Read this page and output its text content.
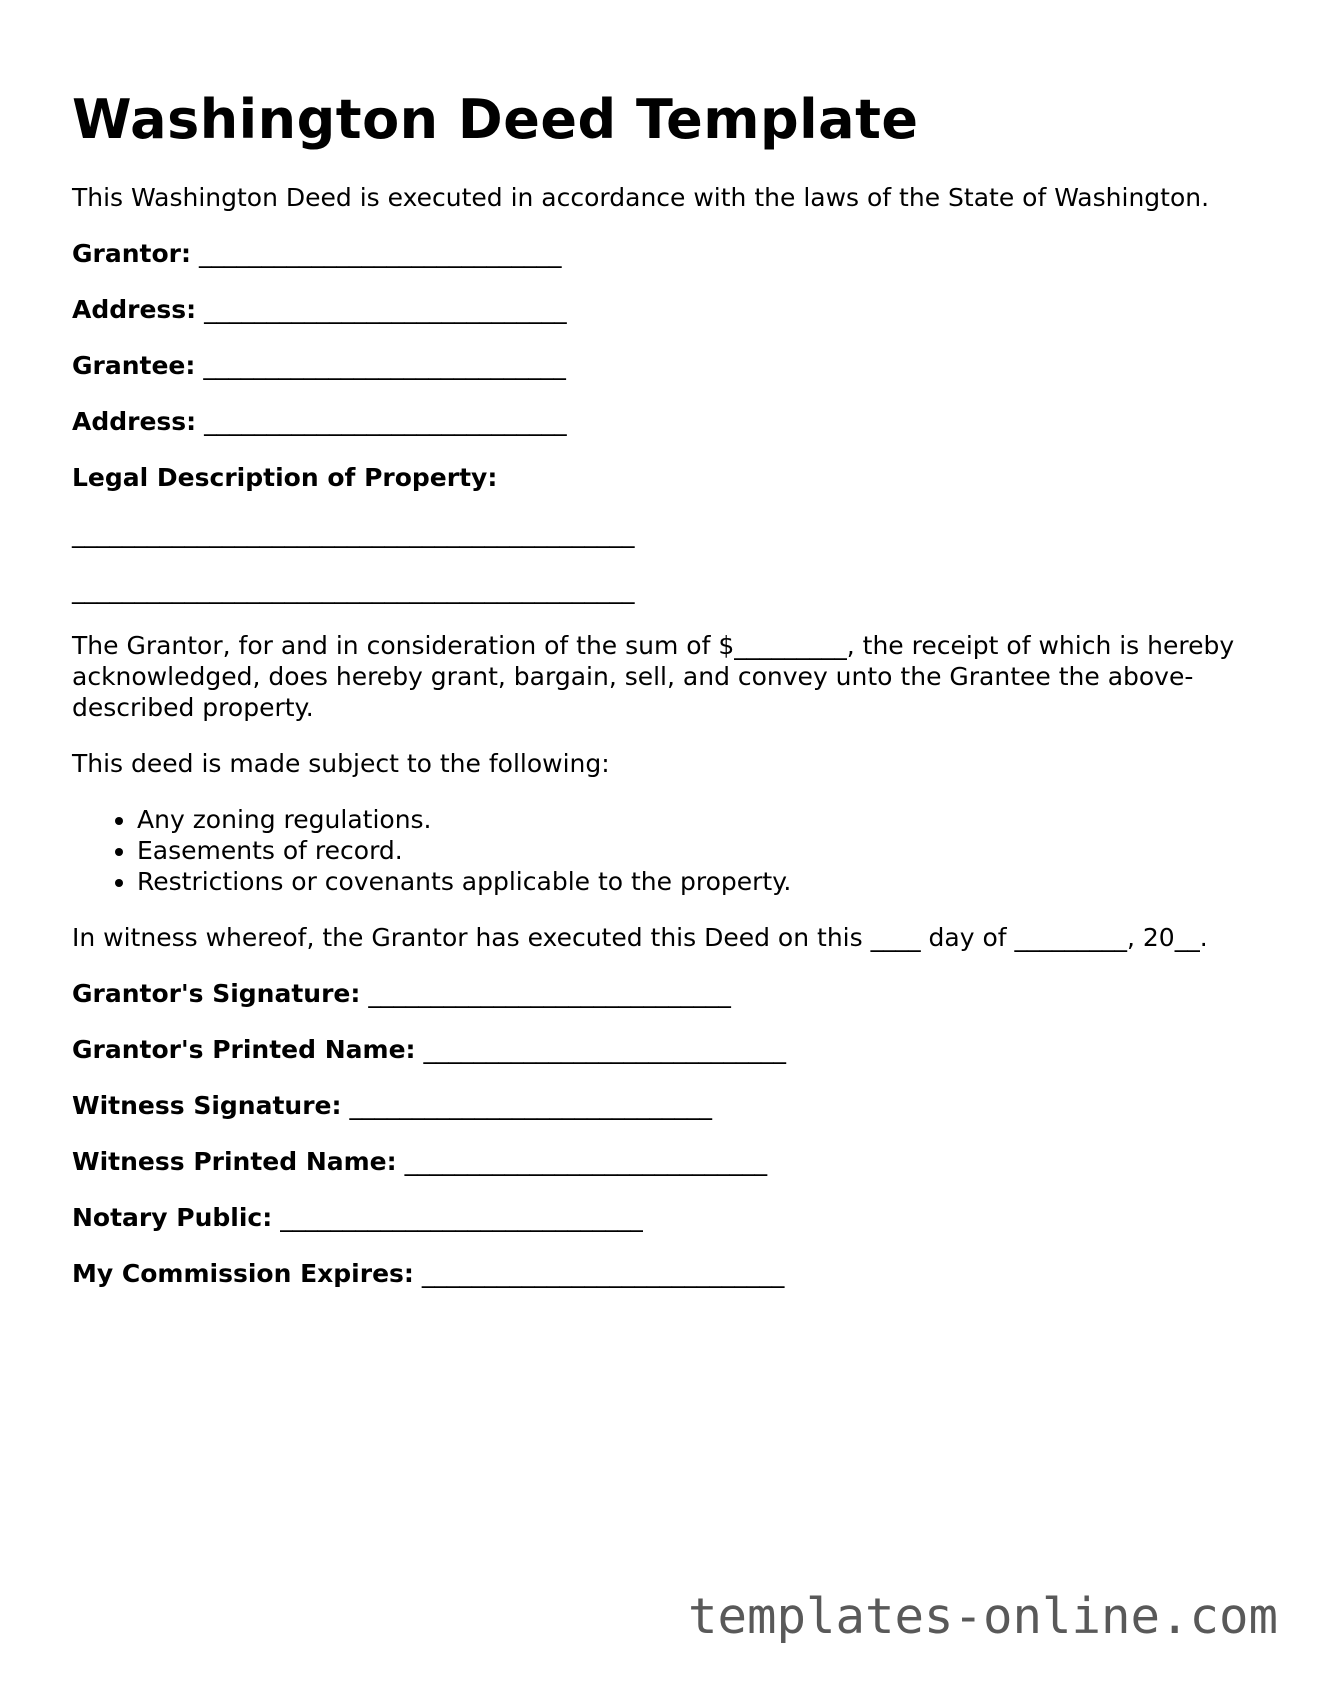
Washington Deed Template

This Washington Deed is executed in accordance with the laws of the State of Washington.

Grantor: _____________________________
Address: _____________________________
Grantee: _____________________________
Address: _____________________________
Legal Description of Property:
_____________________________________________
_____________________________________________

The Grantor, for and in consideration of the sum of $_________, the receipt of which is hereby acknowledged, does hereby grant, bargain, sell, and convey unto the Grantee the above-described property.

This deed is made subject to the following:

• Any zoning regulations.
• Easements of record.
• Restrictions or covenants applicable to the property.

In witness whereof, the Grantor has executed this Deed on this ____ day of _________, 20__.

Grantor's Signature: _____________________________
Grantor's Printed Name: _____________________________
Witness Signature: _____________________________
Witness Printed Name: _____________________________
Notary Public: _____________________________
My Commission Expires: _____________________________
templates-online.com
